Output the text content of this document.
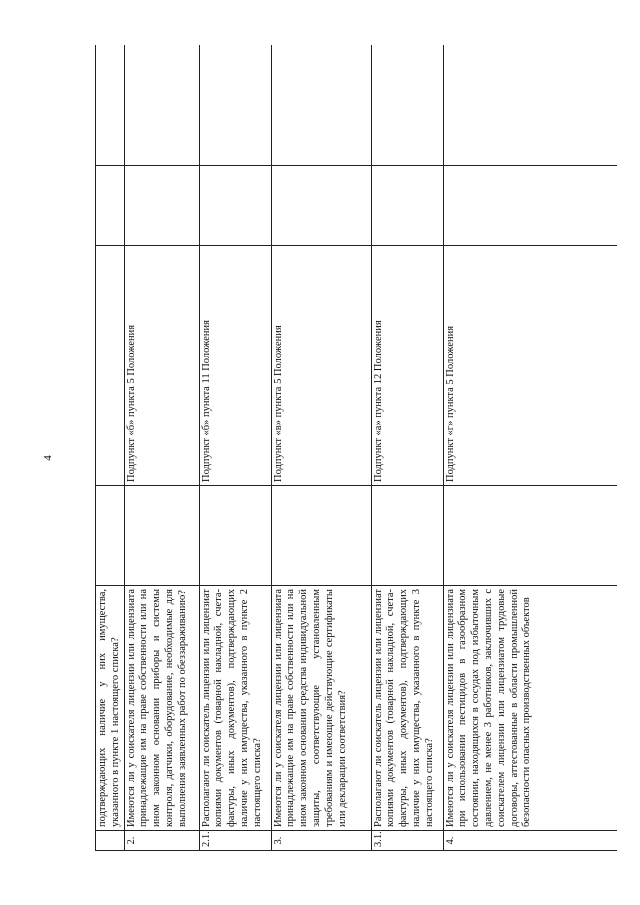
4
	подтверждающих наличие у них имущества, указанного в пункте 1 настоящего списка?				
2.	Имеются ли у соискателя лицензии или лицензиата принадлежащие им на праве собственности или на ином законном основании приборы и системы контроля, датчики, оборудование, необходимые для выполнения заявленных работ по обеззараживанию?		Подпункт «б» пункта 5 Положения		
2.1.	Располагают ли соискатель лицензии или лицензиат копиями документов (товарной накладной, счета-фактуры, иных документов), подтверждающих наличие у них имущества, указанного в пункте 2 настоящего списка?		Подпункт «б» пункта 11 Положения		
3.	Имеются ли у соискателя лицензии или лицензиата принадлежащие им на праве собственности или на ином законном основании средства индивидуальной защиты, соответствующие установленным требованиям и имеющие действующие сертификаты или декларации соответствия?		Подпункт «в» пункта 5 Положения		
3.1.	Располагают ли соискатель лицензии или лицензиат копиями документов (товарной накладной, счета-фактуры, иных документов), подтверждающих наличие у них имущества, указанного в пункте 3 настоящего списка?		Подпункт «а» пункта 12 Положения		
4.	Имеются ли у соискателя лицензии или лицензиата при использовании пестицидов в газообразном состоянии, находящихся в сосудах под избыточным давлением, не менее 3 работников, заключивших с соискателем лицензии или лицензиатом трудовые договоры, аттестованные в области промышленной безопасности опасных производственных объектов		Подпункт «г» пункта 5 Положения		
